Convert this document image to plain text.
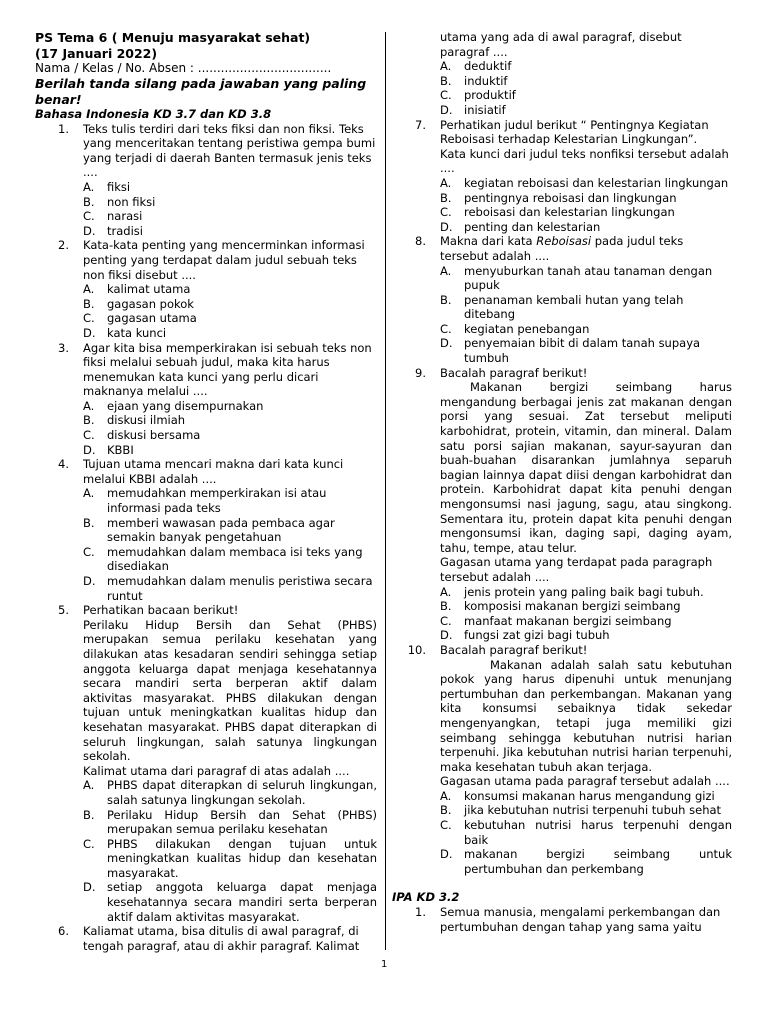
PS Tema 6 ( Menuju masyarakat sehat)
(17 Januari 2022)
Nama / Kelas / No. Absen : ...................................
Berilah tanda silang pada jawaban yang paling benar!
Bahasa Indonesia KD 3.7 dan KD 3.8
1. Teks tulis terdiri dari teks fiksi dan non fiksi. Teks yang menceritakan tentang peristiwa gempa bumi yang terjadi di daerah Banten termasuk jenis teks ....
A. fiksi
B. non fiksi
C. narasi
D. tradisi
2. Kata-kata penting yang mencerminkan informasi penting yang terdapat dalam judul sebuah teks non fiksi disebut ....
A. kalimat utama
B. gagasan pokok
C. gagasan utama
D. kata kunci
3. Agar kita bisa memperkirakan isi sebuah teks non fiksi melalui sebuah judul, maka kita harus menemukan kata kunci yang perlu dicari maknanya melalui ....
A. ejaan yang disempurnakan
B. diskusi ilmiah
C. diskusi bersama
D. KBBI
4. Tujuan utama mencari makna dari kata kunci melalui KBBI adalah ....
A. memudahkan memperkirakan isi atau informasi pada teks
B. memberi wawasan pada pembaca agar semakin banyak pengetahuan
C. memudahkan dalam membaca isi teks yang disediakan
D. memudahkan dalam menulis peristiwa secara runtut
5. Perhatikan bacaan berikut!
Perilaku Hidup Bersih dan Sehat (PHBS) merupakan semua perilaku kesehatan yang dilakukan atas kesadaran sendiri sehingga setiap anggota keluarga dapat menjaga kesehatannya secara mandiri serta berperan aktif dalam aktivitas masyarakat. PHBS dilakukan dengan tujuan untuk meningkatkan kualitas hidup dan kesehatan masyarakat. PHBS dapat diterapkan di seluruh lingkungan, salah satunya lingkungan sekolah.
Kalimat utama dari paragraf di atas adalah ....
A. PHBS dapat diterapkan di seluruh lingkungan, salah satunya lingkungan sekolah.
B. Perilaku Hidup Bersih dan Sehat (PHBS) merupakan semua perilaku kesehatan
C. PHBS dilakukan dengan tujuan untuk meningkatkan kualitas hidup dan kesehatan masyarakat.
D. setiap anggota keluarga dapat menjaga kesehatannya secara mandiri serta berperan aktif dalam aktivitas masyarakat.
6. Kaliamat utama, bisa ditulis di awal paragraf, di tengah paragraf, atau di akhir paragraf. Kalimat
utama yang ada di awal paragraf, disebut paragraf ....
A. deduktif
B. induktif
C. produktif
D. inisiatif
7. Perhatikan judul berikut “ Pentingnya Kegiatan Reboisasi terhadap Kelestarian Lingkungan”.
Kata kunci dari judul teks nonfiksi tersebut adalah ....
A. kegiatan reboisasi dan kelestarian lingkungan
B. pentingnya reboisasi dan lingkungan
C. reboisasi dan kelestarian lingkungan
D. penting dan kelestarian
8. Makna dari kata Reboisasi pada judul teks tersebut adalah ....
A. menyuburkan tanah atau tanaman dengan pupuk
B. penanaman kembali hutan yang telah ditebang
C. kegiatan penebangan
D. penyemaian bibit di dalam tanah supaya tumbuh
9. Bacalah paragraf berikut!
Makanan bergizi seimbang harus mengandung berbagai jenis zat makanan dengan porsi yang sesuai. Zat tersebut meliputi karbohidrat, protein, vitamin, dan mineral. Dalam satu porsi sajian makanan, sayur-sayuran dan buah-buahan disarankan jumlahnya separuh bagian lainnya dapat diisi dengan karbohidrat dan protein. Karbohidrat dapat kita penuhi dengan mengonsumsi nasi jagung, sagu, atau singkong. Sementara itu, protein dapat kita penuhi dengan mengonsumsi ikan, daging sapi, daging ayam, tahu, tempe, atau telur.
Gagasan utama yang terdapat pada paragraph tersebut adalah ....
A. jenis protein yang paling baik bagi tubuh.
B. komposisi makanan bergizi seimbang
C. manfaat makanan bergizi seimbang
D. fungsi zat gizi bagi tubuh
10. Bacalah paragraf berikut!
Makanan adalah salah satu kebutuhan pokok yang harus dipenuhi untuk menunjang pertumbuhan dan perkembangan. Makanan yang kita konsumsi sebaiknya tidak sekedar mengenyangkan, tetapi juga memiliki gizi seimbang sehingga kebutuhan nutrisi harian terpenuhi. Jika kebutuhan nutrisi harian terpenuhi, maka kesehatan tubuh akan terjaga.
Gagasan utama pada paragraf tersebut adalah ....
A. konsumsi makanan harus mengandung gizi
B. jika kebutuhan nutrisi terpenuhi tubuh sehat
C. kebutuhan nutrisi harus terpenuhi dengan baik
D. makanan bergizi seimbang untuk pertumbuhan dan perkembang
IPA KD 3.2
1. Semua manusia, mengalami perkembangan dan pertumbuhan dengan tahap yang sama yaitu
1
